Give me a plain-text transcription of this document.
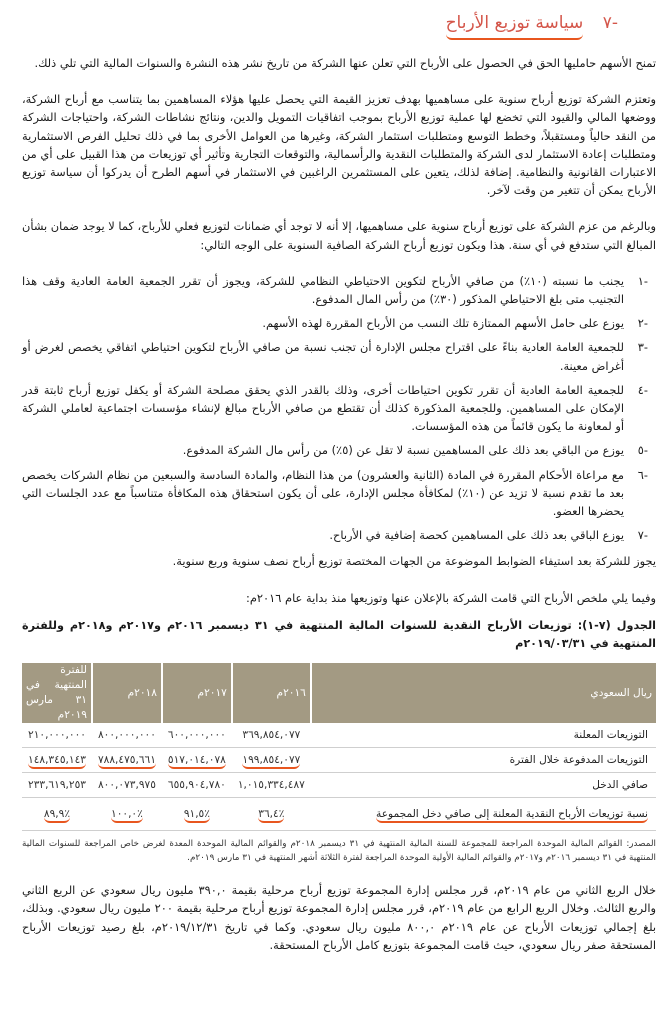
-٧ سياسة توزيع الأرباح

تمنح الأسهم حامليها الحق في الحصول على الأرباح التي تعلن عنها الشركة من تاريخ نشر هذه النشرة والسنوات المالية التي تلي ذلك.

وتعتزم الشركة توزيع أرباح سنوية على مساهميها بهدف تعزيز القيمة التي يحصل عليها هؤلاء المساهمين بما يتناسب مع أرباح الشركة، ووضعها المالي والقيود التي تخضع لها عملية توزيع الأرباح بموجب اتفاقيات التمويل والدين، ونتائج نشاطات الشركة، واحتياجات الشركة من النقد حالياً ومستقبلاً، وخطط التوسع ومتطلبات استثمار الشركة، وغيرها من العوامل الأخرى بما في ذلك تحليل الفرص الاستثمارية ومتطلبات إعادة الاستثمار لدى الشركة والمتطلبات النقدية والرأسمالية، والتوقعات التجارية وتأثير أي توزيعات من هذا القبيل على أي من الاعتبارات القانونية والنظامية. إضافة لذلك، يتعين على المستثمرين الراغبين في الاستثمار في أسهم الطرح أن يدركوا أن سياسة توزيع الأرباح يمكن أن تتغير من وقت لآخر.

وبالرغم من عزم الشركة على توزيع أرباح سنوية على مساهميها، إلا أنه لا توجد أي ضمانات لتوزيع فعلي للأرباح، كما لا يوجد ضمان بشأن المبالغ التي ستدفع في أي سنة. هذا ويكون توزيع أرباح الشركة الصافية السنوية على الوجه التالي:

-١
يجنب ما نسبته (١٠٪) من صافي الأرباح لتكوين الاحتياطي النظامي للشركة، ويجوز أن تقرر الجمعية العامة العادية وقف هذا التجنيب متى بلغ الاحتياطي المذكور (٣٠٪) من رأس المال المدفوع.
-٢
يوزع على حامل الأسهم الممتازة تلك النسب من الأرباح المقررة لهذه الأسهم.
-٣
للجمعية العامة العادية بناءً على اقتراح مجلس الإدارة أن تجنب نسبة من صافي الأرباح لتكوين احتياطي اتفاقي يخصص لغرض أو أغراض معينة.
-٤
للجمعية العامة العادية أن تقرر تكوين احتياطات أخرى، وذلك بالقدر الذي يحقق مصلحة الشركة أو يكفل توزيع أرباح ثابتة قدر الإمكان على المساهمين. وللجمعية المذكورة كذلك أن تقتطع من صافي الأرباح مبالغ لإنشاء مؤسسات اجتماعية لعاملي الشركة أو لمعاونة ما يكون قائماً من هذه المؤسسات.
-٥
يوزع من الباقي بعد ذلك على المساهمين نسبة لا تقل عن (٥٪) من رأس مال الشركة المدفوع.
-٦
مع مراعاة الأحكام المقررة في المادة (الثانية والعشرون) من هذا النظام، والمادة السادسة والسبعين من نظام الشركات يخصص بعد ما تقدم نسبة لا تزيد عن (١٠٪) لمكافأة مجلس الإدارة، على أن يكون استحقاق هذه المكافأة متناسباً مع عدد الجلسات التي يحضرها العضو.
-٧
يوزع الباقي بعد ذلك على المساهمين كحصة إضافية في الأرباح.

يجوز للشركة بعد استيفاء الضوابط الموضوعة من الجهات المختصة توزيع أرباح نصف سنوية وربع سنوية.

وفيما يلي ملخص الأرباح التي قامت الشركة بالإعلان عنها وتوزيعها منذ بداية عام ٢٠١٦م:

الجدول (٧-١): توزيعات الأرباح النقدية للسنوات المالية المنتهية في ٣١ ديسمبر ٢٠١٦م و٢٠١٧م و٢٠١٨م وللفترة المنتهية في ٢٠١٩/٠٣/٣١م
ريال السعودي	٢٠١٦م	٢٠١٧م	٢٠١٨م	للفترة المنتهية في ٣١ مارس ٢٠١٩م
التوزيعات المعلنة	٣٦٩,٨٥٤,٠٧٧	٦٠٠,٠٠٠,٠٠٠	٨٠٠,٠٠٠,٠٠٠	٢١٠,٠٠٠,٠٠٠
التوزيعات المدفوعة خلال الفترة	١٩٩,٨٥٤,٠٧٧	٥١٧,٠١٤,٠٧٨	٧٨٨,٤٧٥,٦٦١	١٤٨,٣٤٥,١٤٣
صافي الدخل	١,٠١٥,٣٣٤,٤٨٧	٦٥٥,٩٠٤,٧٨٠	٨٠٠,٠٧٣,٩٧٥	٢٣٣,٦١٩,٢٥٣
نسبة توزيعات الأرباح النقدية المعلنة إلى صافي دخل المجموعة	٪٣٦,٤	٪٩١,٥	٪١٠٠,٠	٪٨٩,٩
المصدر: القوائم المالية الموحدة المراجعة للمجموعة للسنة المالية المنتهية في ٣١ ديسمبر ٢٠١٨م والقوائم المالية الموحدة المعدة لغرض خاص المراجعة للسنوات المالية المنتهية في ٣١ ديسمبر ٢٠١٦م و٢٠١٧م والقوائم المالية الأولية الموحدة المراجعة لفترة الثلاثة أشهر المنتهية في ٣١ مارس ٢٠١٩م.

خلال الربع الثاني من عام ٢٠١٩م، قرر مجلس إدارة المجموعة توزيع أرباح مرحلية بقيمة ٣٩٠,٠ مليون ريال سعودي عن الربع الثاني والربع الثالث. وخلال الربع الرابع من عام ٢٠١٩م، قرر مجلس إدارة المجموعة توزيع أرباح مرحلية بقيمة ٢٠٠ مليون ريال سعودي. وبذلك، بلغ إجمالي توزيعات الأرباح عن عام ٢٠١٩م ٨٠٠,٠ مليون ريال سعودي. وكما في تاريخ ٢٠١٩/١٢/٣١م، بلغ رصيد توزيعات الأرباح المستحقة صفر ريال سعودي، حيث قامت المجموعة بتوزيع كامل الأرباح المستحقة.
